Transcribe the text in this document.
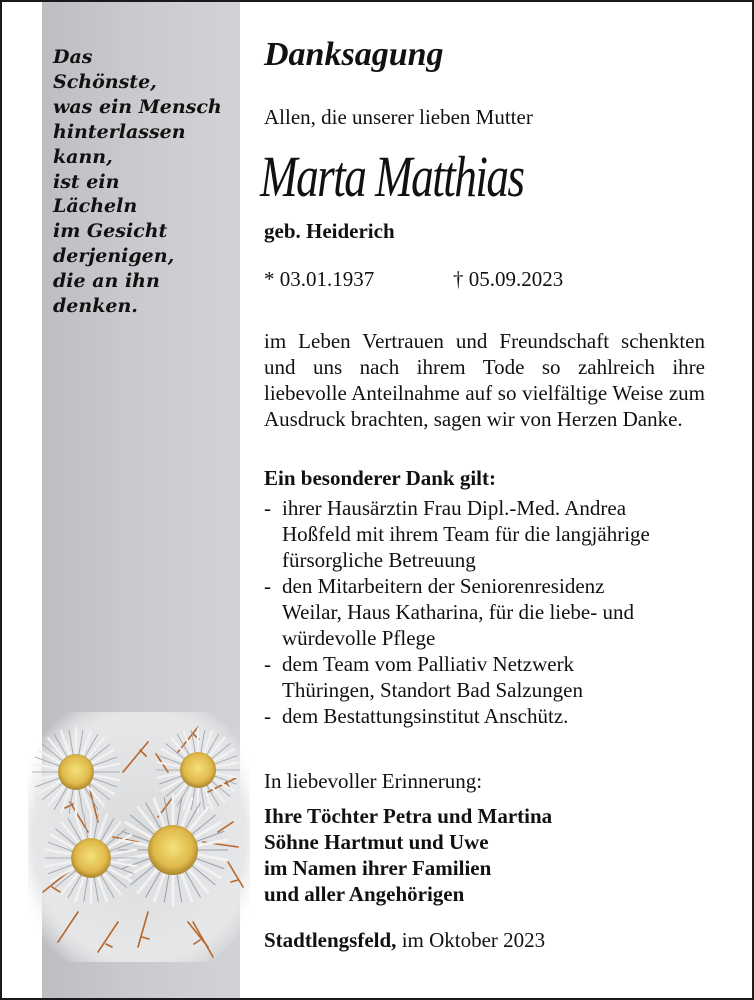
Das
Schönste,
was ein Mensch
hinterlassen
kann,
ist ein
Lächeln
im Gesicht
derjenigen,
die an ihn
denken.
Danksagung
Allen, die unserer lieben Mutter
Marta Matthias
geb. Heiderich
* 03.01.1937	† 05.09.2023

im Leben Vertrauen und Freundschaft schenkten und uns nach ihrem Tode so zahlreich ihre liebevolle Anteilnahme auf so vielfältige Weise zum Ausdruck brachten, sagen wir von Herzen Danke.

Ein besonderer Dank gilt:
- ihrer Hausärztin Frau Dipl.-Med. Andrea
Hoßfeld mit ihrem Team für die langjährige
fürsorgliche Betreuung
- den Mitarbeitern der Seniorenresidenz
Weilar, Haus Katharina, für die liebe- und
würdevolle Pflege
- dem Team vom Palliativ Netzwerk
Thüringen, Standort Bad Salzungen
- dem Bestattungsinstitut Anschütz.
In liebevoller Erinnerung:

Ihre Töchter Petra und Martina
Söhne Hartmut und Uwe
im Namen ihrer Familien
und aller Angehörigen

Stadtlengsfeld, im Oktober 2023
